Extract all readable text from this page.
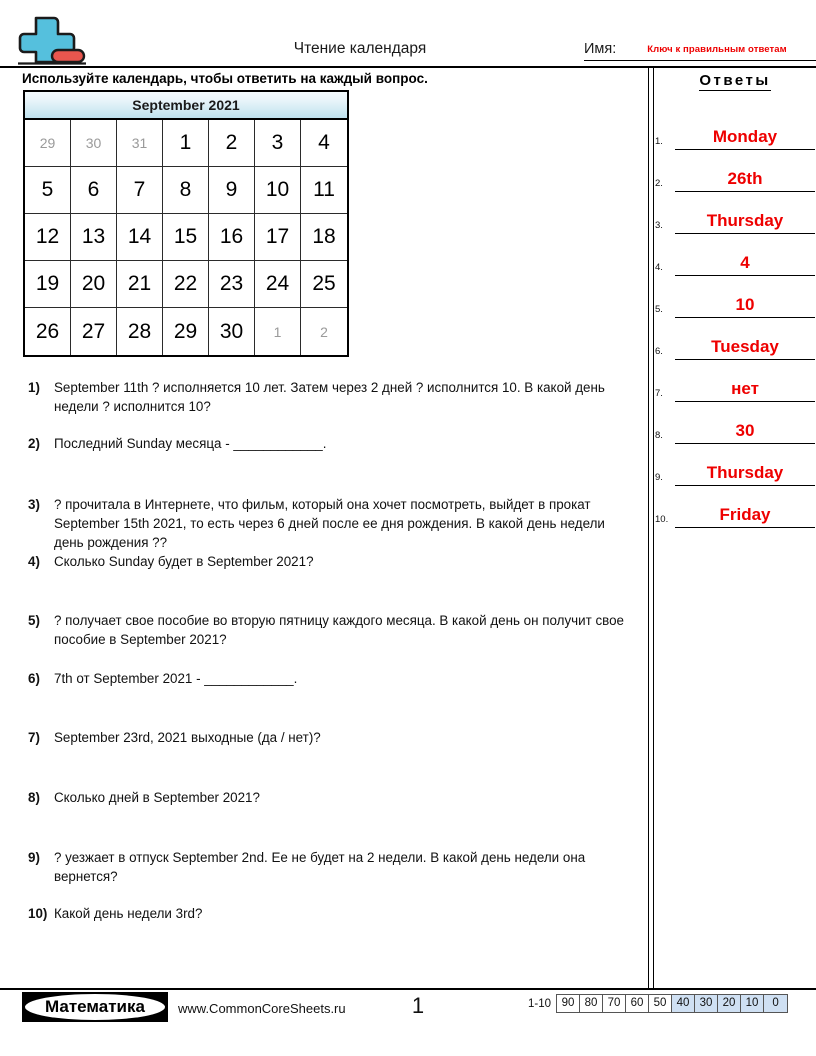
Чтение календаря	Имя:	Ключ к правильным ответам
Используйте календарь, чтобы ответить на каждый вопрос.
September 2021
29	30	31	1	2	3	4
5	6	7	8	9	10	11
12	13	14	15	16	17	18
19	20	21	22	23	24	25
26	27	28	29	30	1	2
1)	September 11th ? исполняется 10 лет. Затем через 2 дней ? исполнится 10. В какой день недели ? исполнится 10?
2)	Последний Sunday месяца - ____________.
3)	? прочитала в Интернете, что фильм, который она хочет посмотреть, выйдет в прокат September 15th 2021, то есть через 6 дней после ее дня рождения. В какой день недели день рождения ??
4)	Сколько Sunday будет в September 2021?
5)	? получает свое пособие во вторую пятницу каждого месяца. В какой день он получит свое пособие в September 2021?
6)	7th от September 2021 - ____________.
7)	September 23rd, 2021 выходные (да / нет)?
8)	Сколько дней в September 2021?
9)	? уезжает в отпуск September 2nd. Ее не будет на 2 недели. В какой день недели она вернется?
10) Какой день недели 3rd?
Ответы
1.	Monday
2.	26th
3.	Thursday
4.	4
5.	10
6.	Tuesday
7.	нет
8.	30
9.	Thursday
10.	Friday
1
Математика	www.CommonCoreSheets.ru	1-10 90 80 70 60 50 40 30 20 10	0
